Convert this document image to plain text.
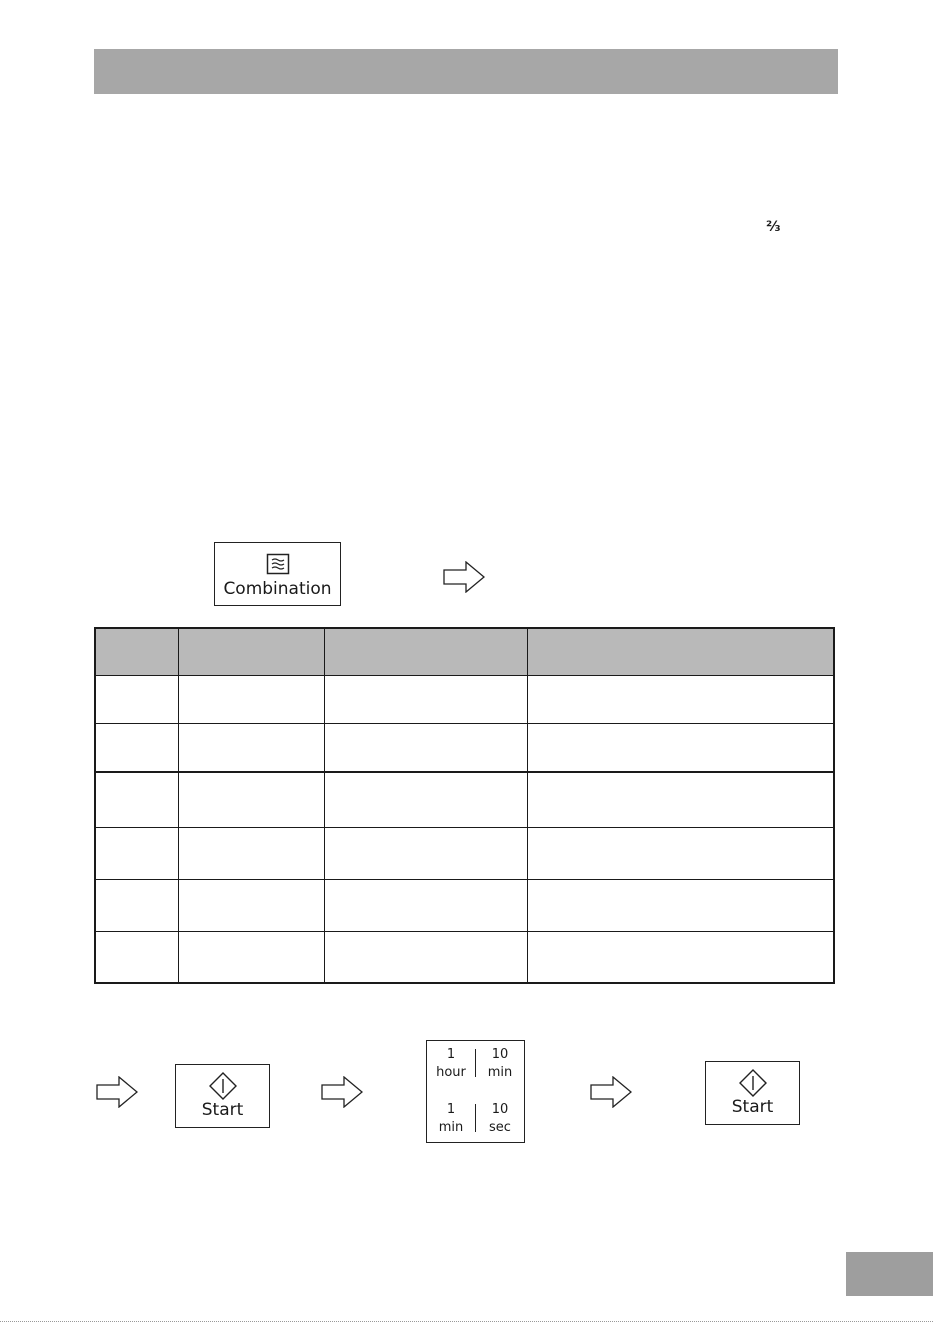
⅔
Combination

Start
1
hour
10
min
1
min
10
sec
Start
